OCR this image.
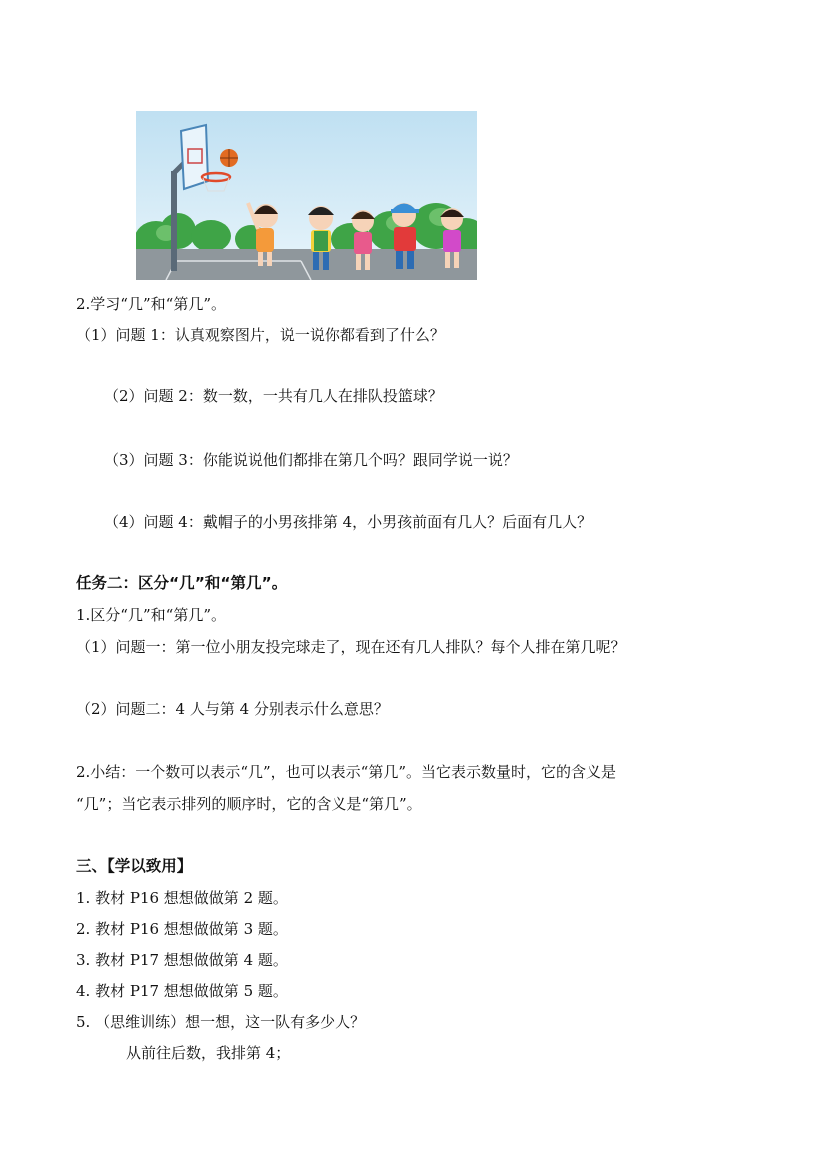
2.学习“几”和“第几”。
（1）问题 1：认真观察图片，说一说你都看到了什么？
（2）问题 2：数一数，一共有几人在排队投篮球？
（3）问题 3：你能说说他们都排在第几个吗？跟同学说一说？
（4）问题 4：戴帽子的小男孩排第 4，小男孩前面有几人？后面有几人？
任务二：区分“几”和“第几”。
1.区分“几”和“第几”。
（1）问题一：第一位小朋友投完球走了，现在还有几人排队？每个人排在第几呢？
（2）问题二：4 人与第 4 分别表示什么意思？
2.小结：一个数可以表示“几”，也可以表示“第几”。当它表示数量时，它的含义是
“几”；当它表示排列的顺序时，它的含义是“第几”。
三、【学以致用】
1. 教材 P16 想想做做第 2 题。
2. 教材 P16 想想做做第 3 题。
3. 教材 P17 想想做做第 4 题。
4. 教材 P17 想想做做第 5 题。
5. （思维训练）想一想，这一队有多少人？
从前往后数，我排第 4；
